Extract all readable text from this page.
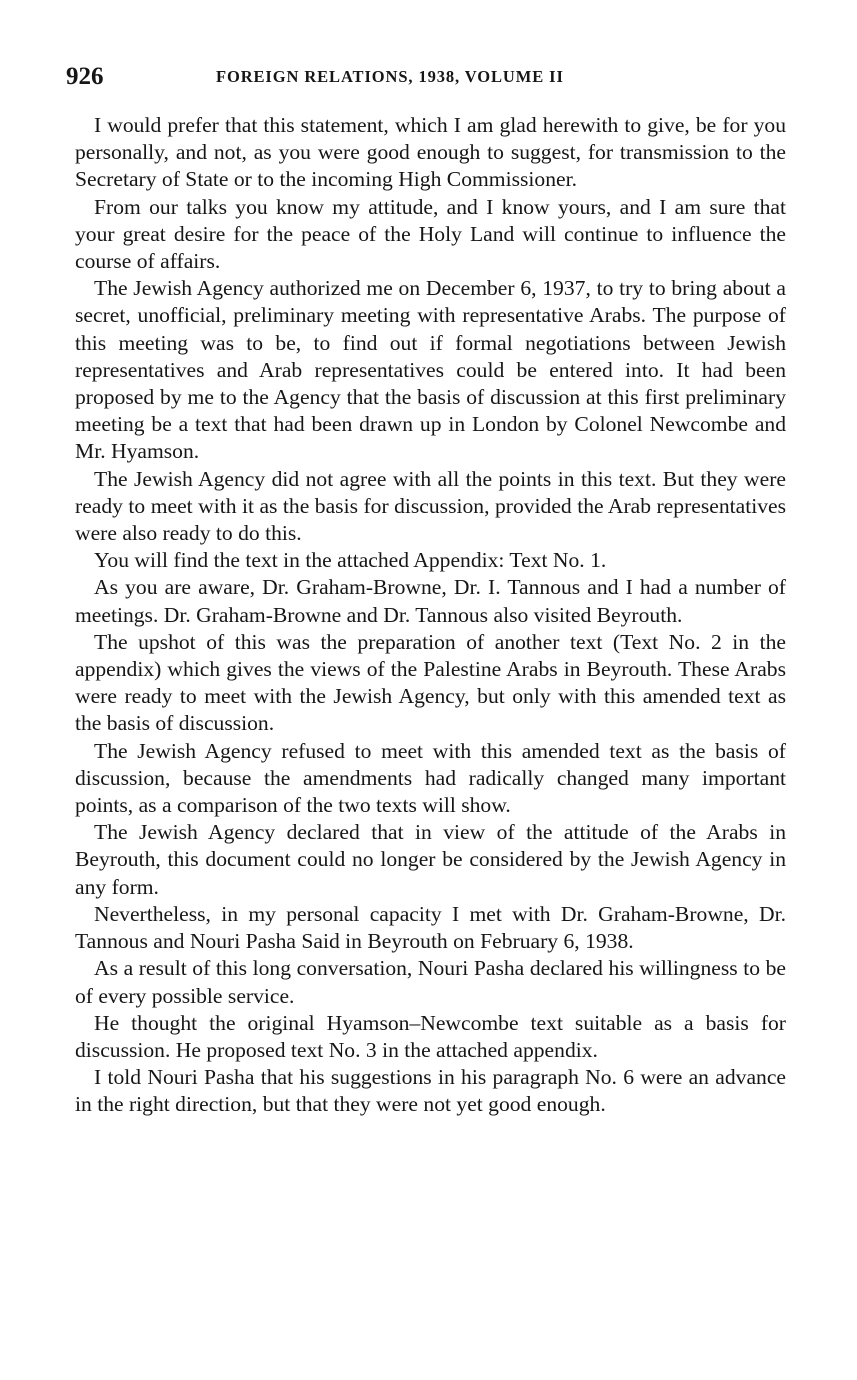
926	FOREIGN RELATIONS, 1938, VOLUME II

I would prefer that this statement, which I am glad herewith to give, be for you personally, and not, as you were good enough to suggest, for transmission to the Secretary of State or to the incoming High Commissioner.

From our talks you know my attitude, and I know yours, and I am sure that your great desire for the peace of the Holy Land will continue to influence the course of affairs.

The Jewish Agency authorized me on December 6, 1937, to try to bring about a secret, unofficial, preliminary meeting with representative Arabs. The purpose of this meeting was to be, to find out if formal negotiations between Jewish representatives and Arab representatives could be entered into. It had been proposed by me to the Agency that the basis of discussion at this first preliminary meeting be a text that had been drawn up in London by Colonel Newcombe and Mr. Hyamson.

The Jewish Agency did not agree with all the points in this text. But they were ready to meet with it as the basis for discussion, provided the Arab representatives were also ready to do this.

You will find the text in the attached Appendix: Text No. 1.

As you are aware, Dr. Graham-Browne, Dr. I. Tannous and I had a number of meetings. Dr. Graham-Browne and Dr. Tannous also visited Beyrouth.

The upshot of this was the preparation of another text (Text No. 2 in the appendix) which gives the views of the Palestine Arabs in Beyrouth. These Arabs were ready to meet with the Jewish Agency, but only with this amended text as the basis of discussion.

The Jewish Agency refused to meet with this amended text as the basis of discussion, because the amendments had radically changed many important points, as a comparison of the two texts will show.

The Jewish Agency declared that in view of the attitude of the Arabs in Beyrouth, this document could no longer be considered by the Jewish Agency in any form.

Nevertheless, in my personal capacity I met with Dr. Graham-Browne, Dr. Tannous and Nouri Pasha Said in Beyrouth on February 6, 1938.

As a result of this long conversation, Nouri Pasha declared his willingness to be of every possible service.

He thought the original Hyamson–Newcombe text suitable as a basis for discussion. He proposed text No. 3 in the attached appendix.

I told Nouri Pasha that his suggestions in his paragraph No. 6 were an advance in the right direction, but that they were not yet good enough.
